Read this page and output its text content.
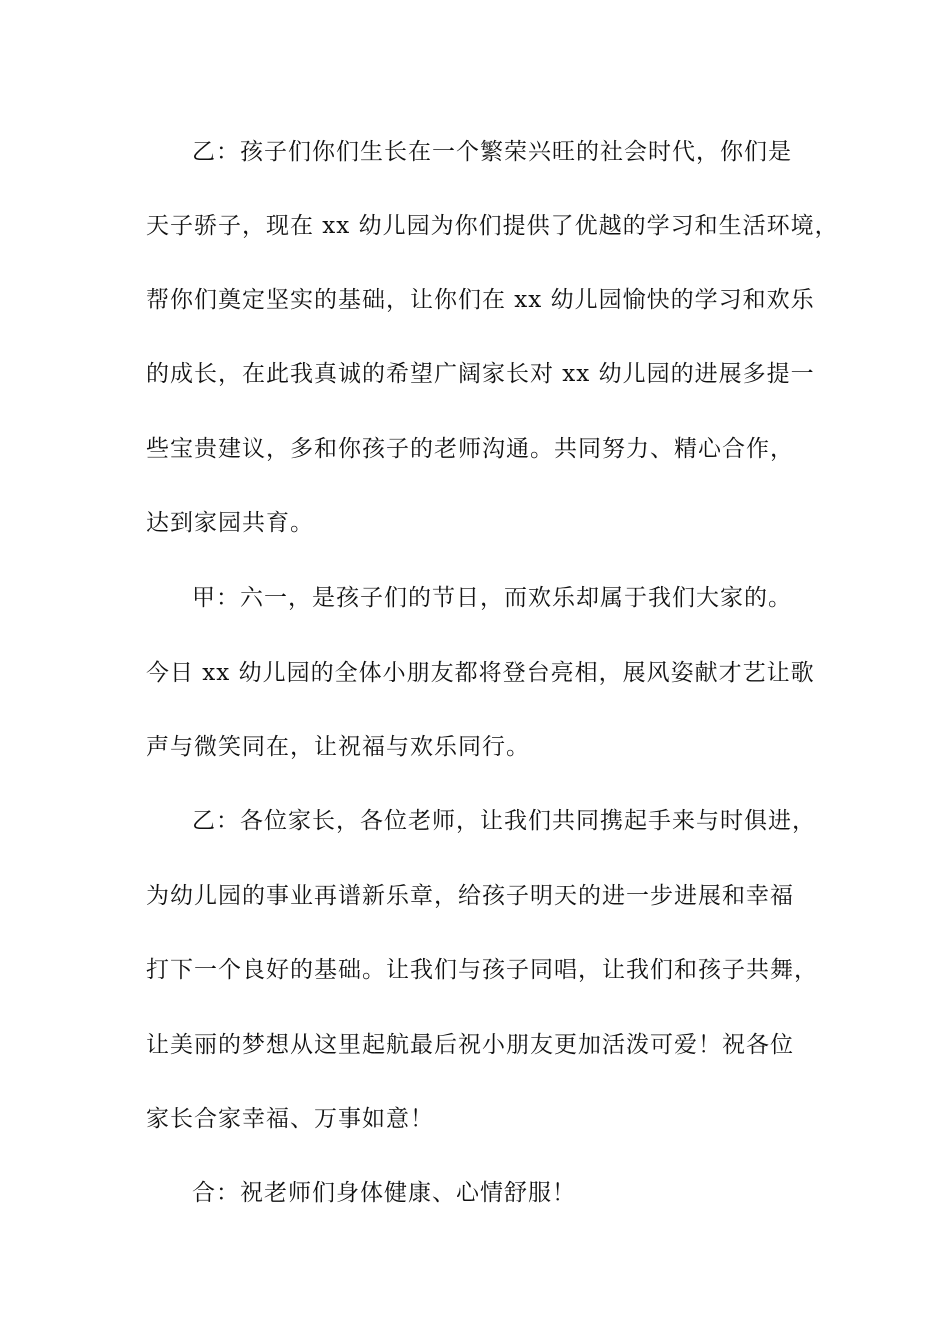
乙：孩子们你们生长在一个繁荣兴旺的社会时代，你们是
天子骄子，现在 xx 幼儿园为你们提供了优越的学习和生活环境，
帮你们奠定坚实的基础，让你们在 xx 幼儿园愉快的学习和欢乐
的成长，在此我真诚的希望广阔家长对 xx 幼儿园的进展多提一
些宝贵建议，多和你孩子的老师沟通。共同努力、精心合作，
达到家园共育。
甲：六一，是孩子们的节日，而欢乐却属于我们大家的。
今日 xx 幼儿园的全体小朋友都将登台亮相，展风姿献才艺让歌
声与微笑同在，让祝福与欢乐同行。
乙：各位家长，各位老师，让我们共同携起手来与时俱进，
为幼儿园的事业再谱新乐章，给孩子明天的进一步进展和幸福
打下一个良好的基础。让我们与孩子同唱，让我们和孩子共舞，
让美丽的梦想从这里起航最后祝小朋友更加活泼可爱！祝各位
家长合家幸福、万事如意！
合：祝老师们身体健康、心情舒服！
